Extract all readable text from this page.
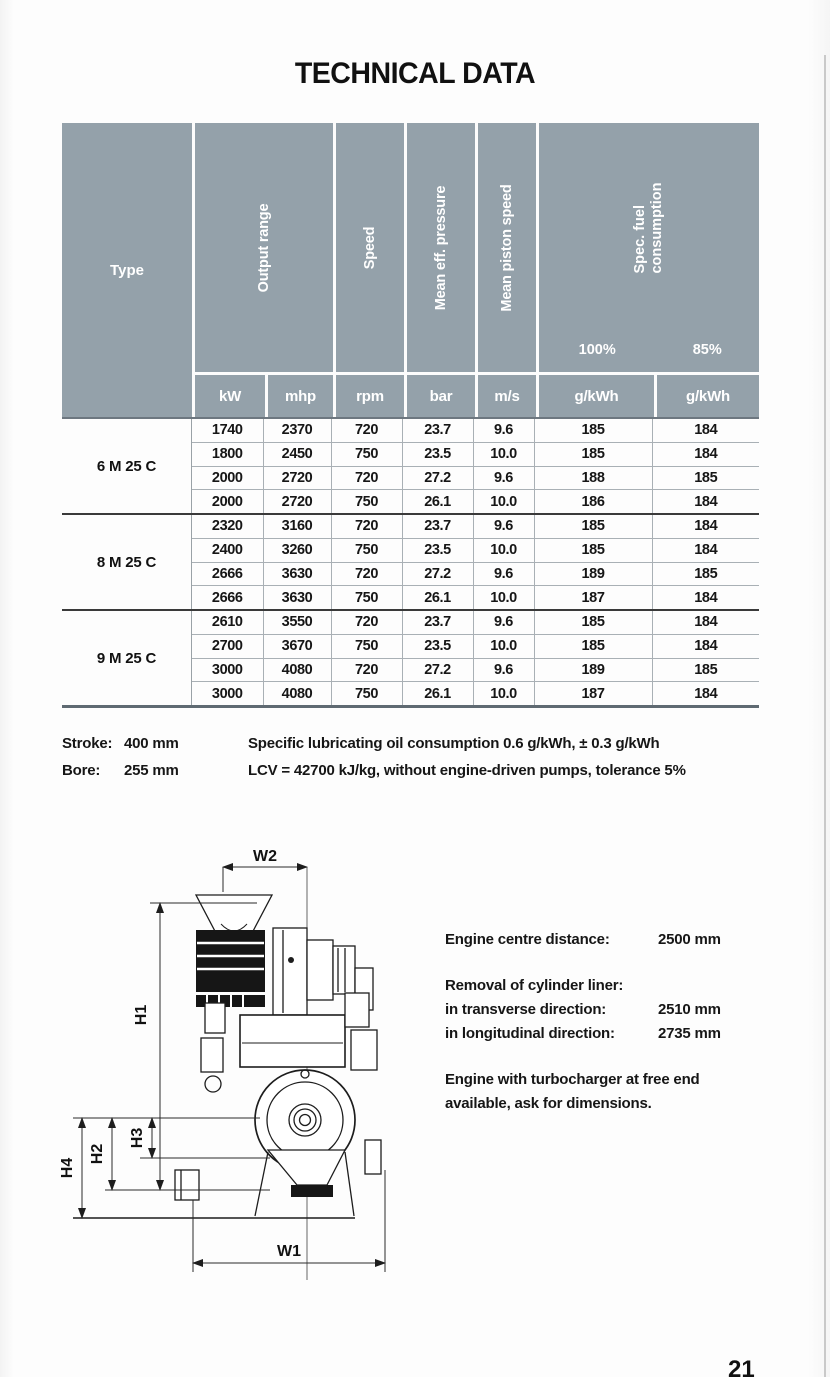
TECHNICAL DATA
Type	Output range	Speed	Mean eff. pressure	Mean piston speed	Spec. fuel
consumption
100%	85%
kW	mhp	rpm	bar	m/s	g/kWh	g/kWh
6 M 25 C
1740	2370	720	23.7	9.6	185	184
1800	2450	750	23.5	10.0	185	184
2000	2720	720	27.2	9.6	188	185
2000	2720	750	26.1	10.0	186	184
8 M 25 C
2320	3160	720	23.7	9.6	185	184
2400	3260	750	23.5	10.0	185	184
2666	3630	720	27.2	9.6	189	185
2666	3630	750	26.1	10.0	187	184
9 M 25 C
2610	3550	720	23.7	9.6	185	184
2700	3670	750	23.5	10.0	185	184
3000	4080	720	27.2	9.6	189	185
3000	4080	750	26.1	10.0	187	184
Stroke: 400 mm
Bore: 255 mm
Specific lubricating oil consumption 0.6 g/kWh, ± 0.3 g/kWh
LCV = 42700 kJ/kg, without engine-driven pumps, tolerance 5%
W2
W1
H1
H3
H2
H4
Engine centre distance:	2500 mm
Removal of cylinder liner:
in transverse direction:	2510 mm
in longitudinal direction:	2735 mm
Engine with turbocharger at free end
available, ask for dimensions.
21
